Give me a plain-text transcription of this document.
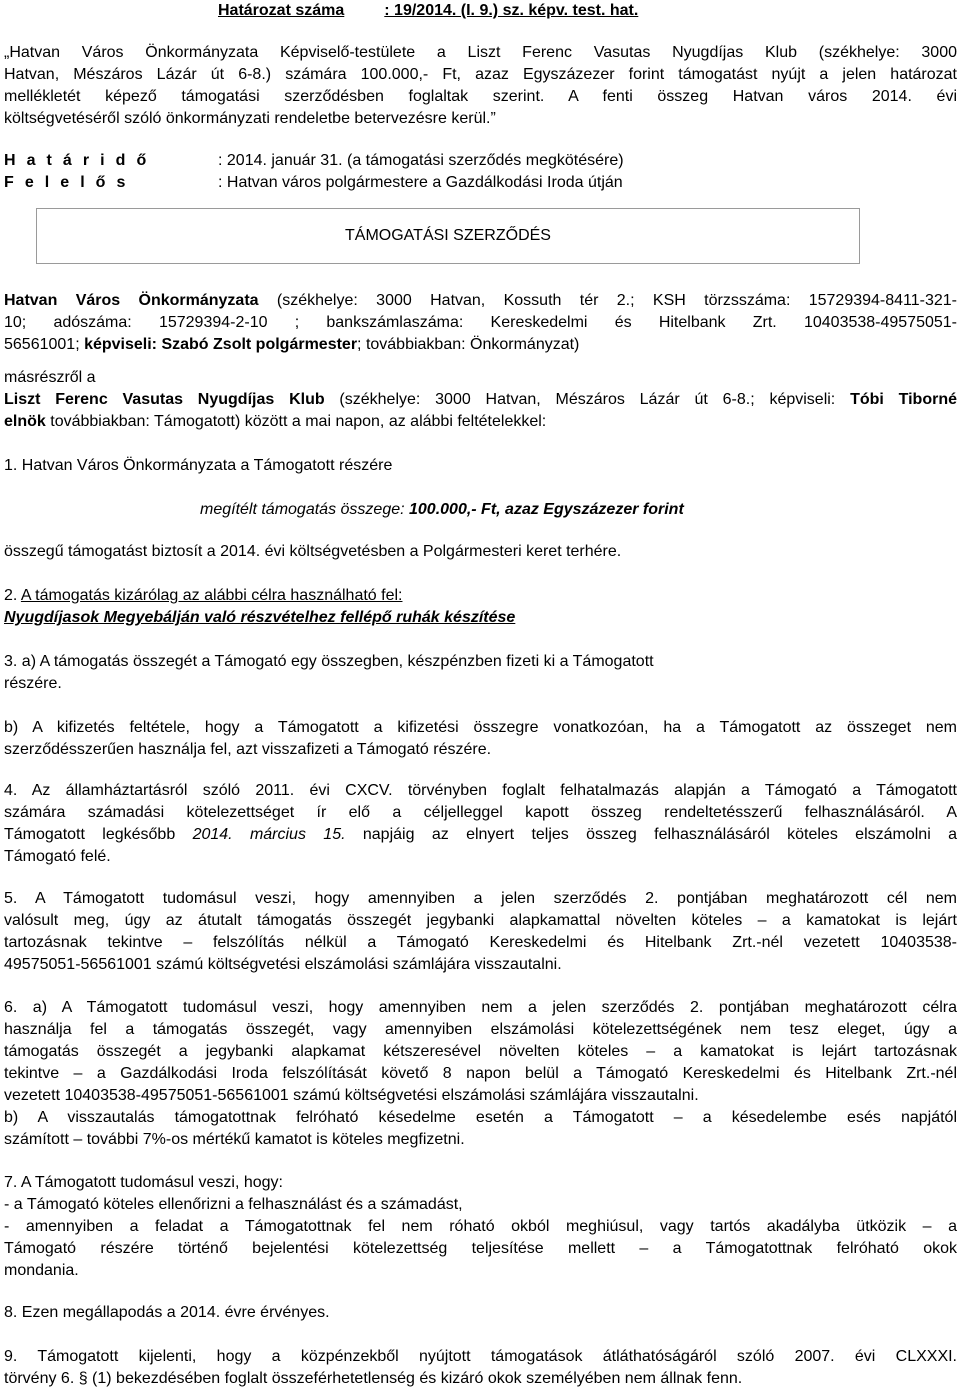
Határozat száma	: 19/2014. (I. 9.) sz. képv. test. hat.
„Hatvan Város Önkormányzata Képviselő-testülete a Liszt Ferenc Vasutas Nyugdíjas Klub (székhelye: 3000
Hatvan, Mészáros Lázár út 6-8.) számára 100.000,- Ft, azaz Egyszázezer forint támogatást nyújt a jelen határozat
mellékletét képező támogatási szerződésben foglaltak szerint. A fenti összeg Hatvan város 2014. évi
költségvetéséről szóló önkormányzati rendeletbe betervezésre kerül.”
H a t á r i d ő	: 2014. január 31. (a támogatási szerződés megkötésére)
F e l e l ő s	: Hatvan város polgármestere a Gazdálkodási Iroda útján
TÁMOGATÁSI SZERZŐDÉS
Hatvan Város Önkormányzata (székhelye: 3000 Hatvan, Kossuth tér 2.; KSH törzsszáma: 15729394-8411-321-
10; adószáma: 15729394-2-10 ; bankszámlaszáma: Kereskedelmi és Hitelbank Zrt. 10403538-49575051-
56561001; képviseli: Szabó Zsolt polgármester; továbbiakban: Önkormányzat)
másrészről a
Liszt Ferenc Vasutas Nyugdíjas Klub (székhelye: 3000 Hatvan, Mészáros Lázár út 6-8.; képviseli: Tóbi Tiborné
elnök továbbiakban: Támogatott) között a mai napon, az alábbi feltételekkel:
1. Hatvan Város Önkormányzata a Támogatott részére
megítélt támogatás összege: 100.000,- Ft, azaz Egyszázezer forint
összegű támogatást biztosít a 2014. évi költségvetésben a Polgármesteri keret terhére.
2. A támogatás kizárólag az alábbi célra használható fel:
Nyugdíjasok Megyebálján való részvételhez fellépő ruhák készítése
3. a) A támogatás összegét a Támogató egy összegben, készpénzben fizeti ki a Támogatott
részére.
b) A kifizetés feltétele, hogy a Támogatott a kifizetési összegre vonatkozóan, ha a Támogatott az összeget nem
szerződésszerűen használja fel, azt visszafizeti a Támogató részére.
4. Az államháztartásról szóló 2011. évi CXCV. törvényben foglalt felhatalmazás alapján a Támogató a Támogatott
számára számadási kötelezettséget ír elő a céljelleggel kapott összeg rendeltetésszerű felhasználásáról. A
Támogatott legkésőbb 2014. március 15. napjáig az elnyert teljes összeg felhasználásáról köteles elszámolni a
Támogató felé.
5. A Támogatott tudomásul veszi, hogy amennyiben a jelen szerződés 2. pontjában meghatározott cél nem
valósult meg, úgy az átutalt támogatás összegét jegybanki alapkamattal növelten köteles – a kamatokat is lejárt
tartozásnak tekintve – felszólítás nélkül a Támogató Kereskedelmi és Hitelbank Zrt.-nél vezetett 10403538-
49575051-56561001 számú költségvetési elszámolási számlájára visszautalni.
6. a) A Támogatott tudomásul veszi, hogy amennyiben nem a jelen szerződés 2. pontjában meghatározott célra
használja fel a támogatás összegét, vagy amennyiben elszámolási kötelezettségének nem tesz eleget, úgy a
támogatás összegét a jegybanki alapkamat kétszeresével növelten köteles – a kamatokat is lejárt tartozásnak
tekintve – a Gazdálkodási Iroda felszólítását követő 8 napon belül a Támogató Kereskedelmi és Hitelbank Zrt.-nél
vezetett 10403538-49575051-56561001 számú költségvetési elszámolási számlájára visszautalni.
b) A visszautalás támogatottnak felróható késedelme esetén a Támogatott – a késedelembe esés napjától
számított – további 7%-os mértékű kamatot is köteles megfizetni.
7. A Támogatott tudomásul veszi, hogy:
- a Támogató köteles ellenőrizni a felhasználást és a számadást,
- amennyiben a feladat a Támogatottnak fel nem róható okból meghiúsul, vagy tartós akadályba ütközik – a
Támogató részére történő bejelentési kötelezettség teljesítése mellett – a Támogatottnak felróható okok
mondania.
8. Ezen megállapodás a 2014. évre érvényes.
9. Támogatott kijelenti, hogy a közpénzekből nyújtott támogatások átláthatóságáról szóló 2007. évi CLXXXI.
törvény 6. § (1) bekezdésében foglalt összeférhetetlenség és kizáró okok személyében nem állnak fenn.
